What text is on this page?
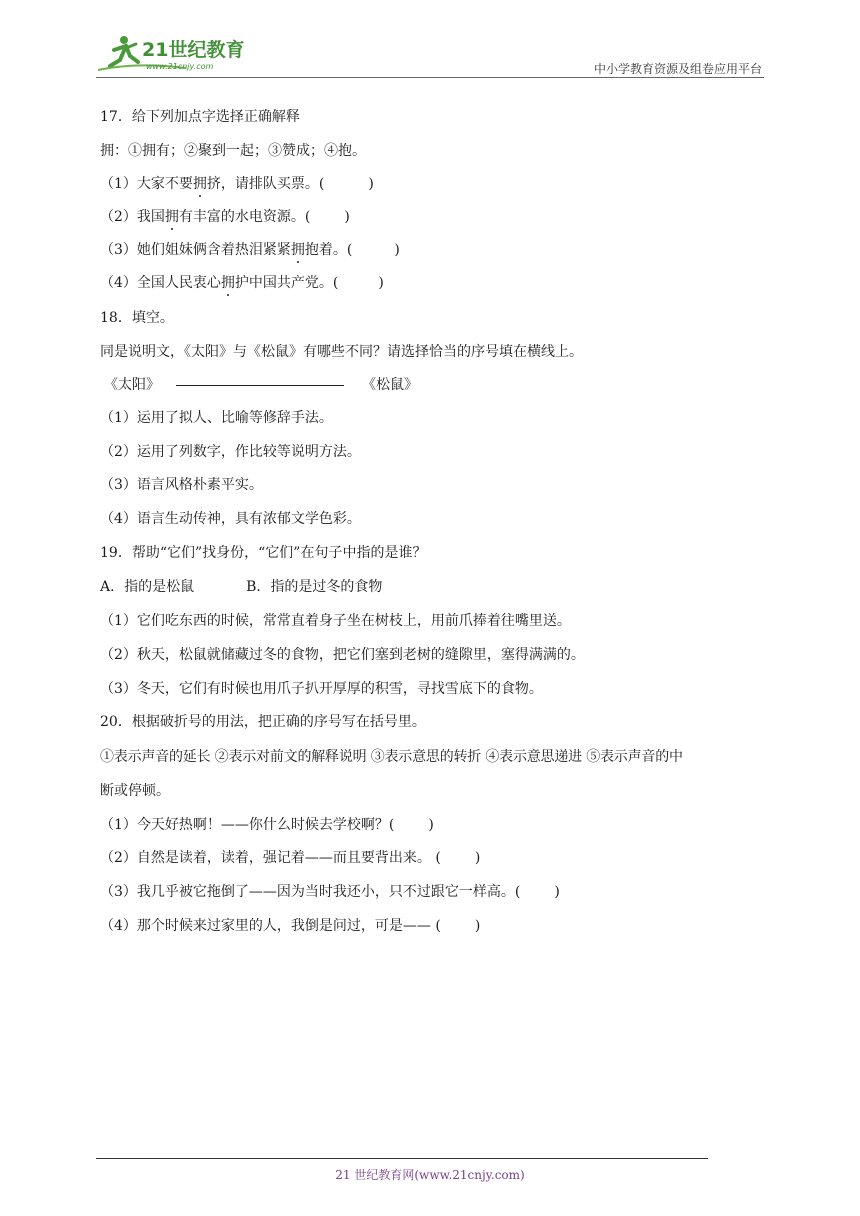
21世纪教育
www.21cnjy.com	中小学教育资源及组卷应用平台
17．给下列加点字选择正确解释
拥：①拥有；②聚到一起；③赞成；④抱。
（1）大家不要拥挤，请排队买票。(	)
（2）我国拥有丰富的水电资源。( )
（3）她们姐妹俩含着热泪紧紧拥抱着。(	)
（4）全国人民衷心拥护中国共产党。(	)
18．填空。
同是说明文，《太阳》与《松鼠》有哪些不同？请选择恰当的序号填在横线上。
《太阳》	《松鼠》
（1）运用了拟人、比喻等修辞手法。
（2）运用了列数字，作比较等说明方法。
（3）语言风格朴素平实。
（4）语言生动传神，具有浓郁文学色彩。
19．帮助“它们”找身份，“它们”在句子中指的是谁？
A．指的是松鼠	B．指的是过冬的食物
（1）它们吃东西的时候，常常直着身子坐在树枝上，用前爪捧着往嘴里送。
（2）秋天，松鼠就储藏过冬的食物，把它们塞到老树的缝隙里，塞得满满的。
（3）冬天，它们有时候也用爪子扒开厚厚的积雪，寻找雪底下的食物。
20．根据破折号的用法，把正确的序号写在括号里。
①表示声音的延长 ②表示对前文的解释说明 ③表示意思的转折 ④表示意思递进 ⑤表示声音的中
断或停顿。
（1）今天好热啊！——你什么时候去学校啊？( )
（2）自然是读着，读着，强记着——而且要背出来。 ( )
（3）我几乎被它拖倒了——因为当时我还小，只不过跟它一样高。( )
（4）那个时候来过家里的人，我倒是问过，可是—— ( )
21 世纪教育网(www.21cnjy.com)
